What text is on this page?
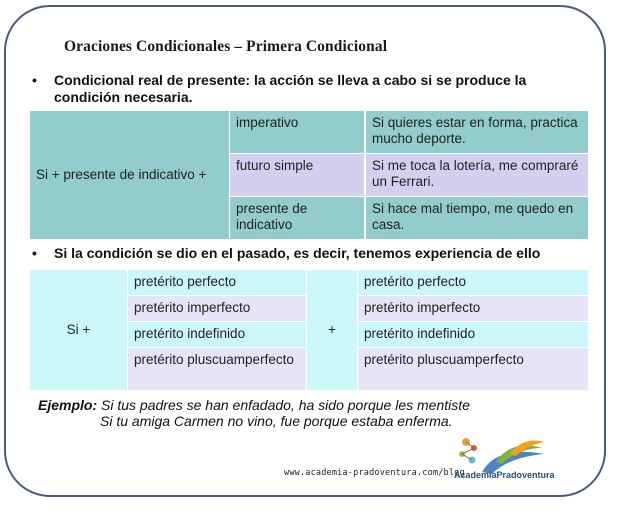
Oraciones Condicionales – Primera Condicional
• Condicional real de presente: la acción se lleva a cabo si se produce la condición necesaria.
Si + presente de indicativo +
imperativo	Si quieres estar en forma, practica mucho deporte.
futuro simple	Si me toca la lotería, me compraré un Ferrari.
presente de indicativo
Si hace mal tiempo, me quedo en casa.
• Si la condición se dio en el pasado, es decir, tenemos experiencia de ello
Si +
pretérito perfecto
pretérito imperfecto
pretérito indefinido
pretérito pluscuamperfecto
+
pretérito perfecto
pretérito imperfecto
pretérito indefinido
pretérito pluscuamperfecto
Ejemplo: Si tus padres se han enfadado, ha sido porque les mentiste
Si tu amiga Carmen no vino, fue porque estaba enferma.
www.academia-pradoventura.com/blog
AcademiaPradoventura
